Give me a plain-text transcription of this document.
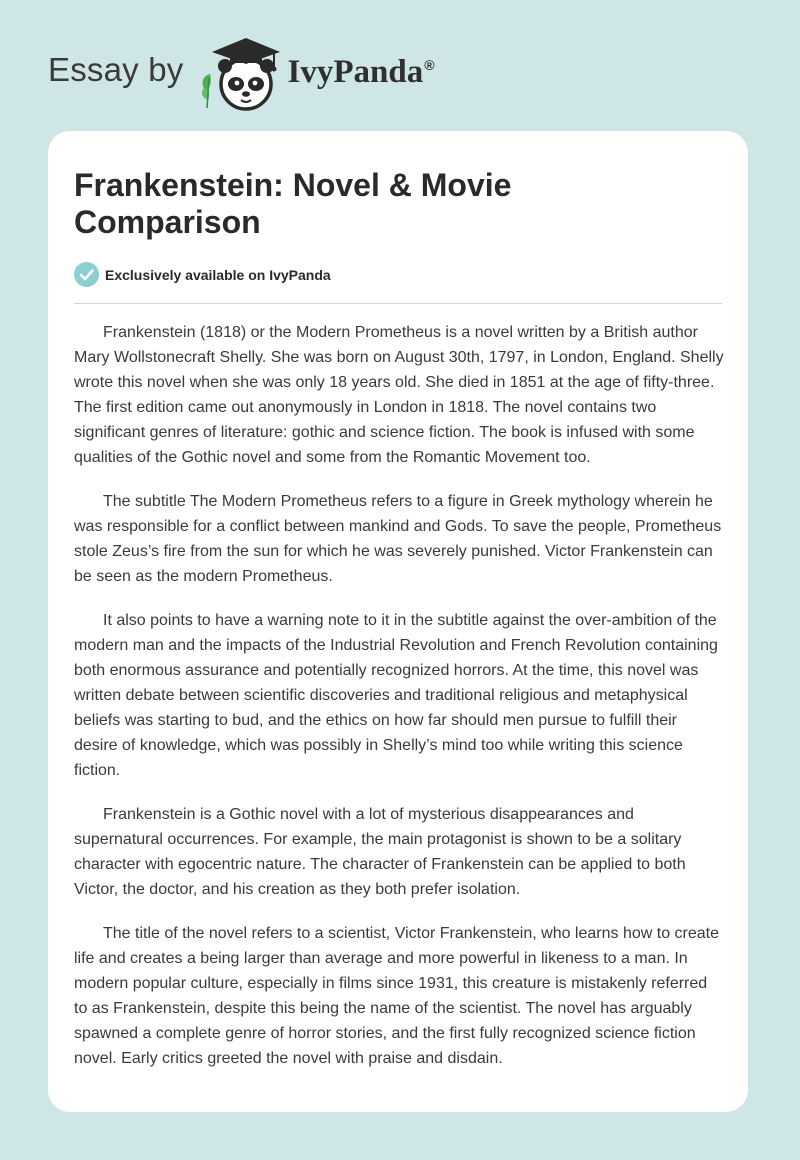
Essay by	IvyPanda®
Frankenstein: Novel & Movie Comparison
Exclusively available on IvyPanda

Frankenstein (1818) or the Modern Prometheus is a novel written by a British author Mary Wollstonecraft Shelly. She was born on August 30th, 1797, in London, England. Shelly wrote this novel when she was only 18 years old. She died in 1851 at the age of fifty-three. The first edition came out anonymously in London in 1818. The novel contains two significant genres of literature: gothic and science fiction. The book is infused with some qualities of the Gothic novel and some from the Romantic Movement too.

The subtitle The Modern Prometheus refers to a figure in Greek mythology wherein he was responsible for a conflict between mankind and Gods. To save the people, Prometheus stole Zeus’s fire from the sun for which he was severely punished. Victor Frankenstein can be seen as the modern Prometheus.

It also points to have a warning note to it in the subtitle against the over-ambition of the modern man and the impacts of the Industrial Revolution and French Revolution containing both enormous assurance and potentially recognized horrors. At the time, this novel was written debate between scientific discoveries and traditional religious and metaphysical beliefs was starting to bud, and the ethics on how far should men pursue to fulfill their desire of knowledge, which was possibly in Shelly’s mind too while writing this science fiction.

Frankenstein is a Gothic novel with a lot of mysterious disappearances and supernatural occurrences. For example, the main protagonist is shown to be a solitary character with egocentric nature. The character of Frankenstein can be applied to both Victor, the doctor, and his creation as they both prefer isolation.

The title of the novel refers to a scientist, Victor Frankenstein, who learns how to create life and creates a being larger than average and more powerful in likeness to a man. In modern popular culture, especially in films since 1931, this creature is mistakenly referred to as Frankenstein, despite this being the name of the scientist. The novel has arguably spawned a complete genre of horror stories, and the first fully recognized science fiction novel. Early critics greeted the novel with praise and disdain.
